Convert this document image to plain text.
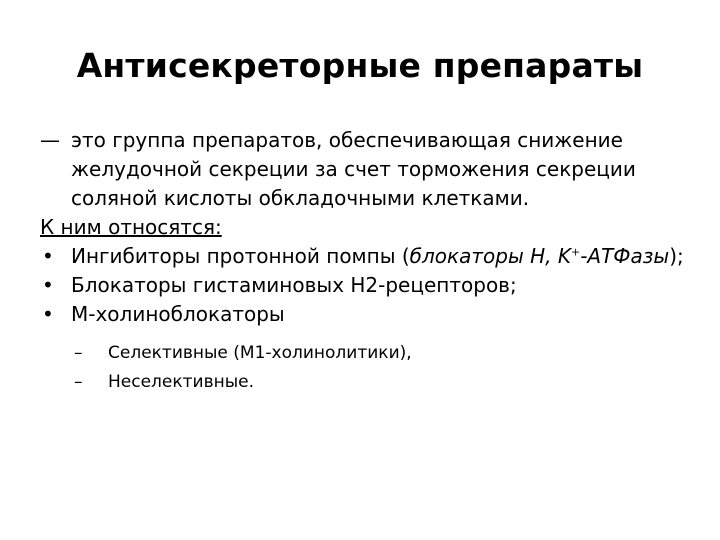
Антисекреторные препараты
— это группа препаратов, обеспечивающая снижение желудочной секреции за счет торможения секреции соляной кислоты обкладочными клетками.
К ним относятся:
• Ингибиторы протонной помпы (блокаторы H, K+-АТФазы);
• Блокаторы гистаминовых Н2-рецепторов;
• М-холиноблокаторы
– Селективные (М1-холинолитики),
– Неселективные.
